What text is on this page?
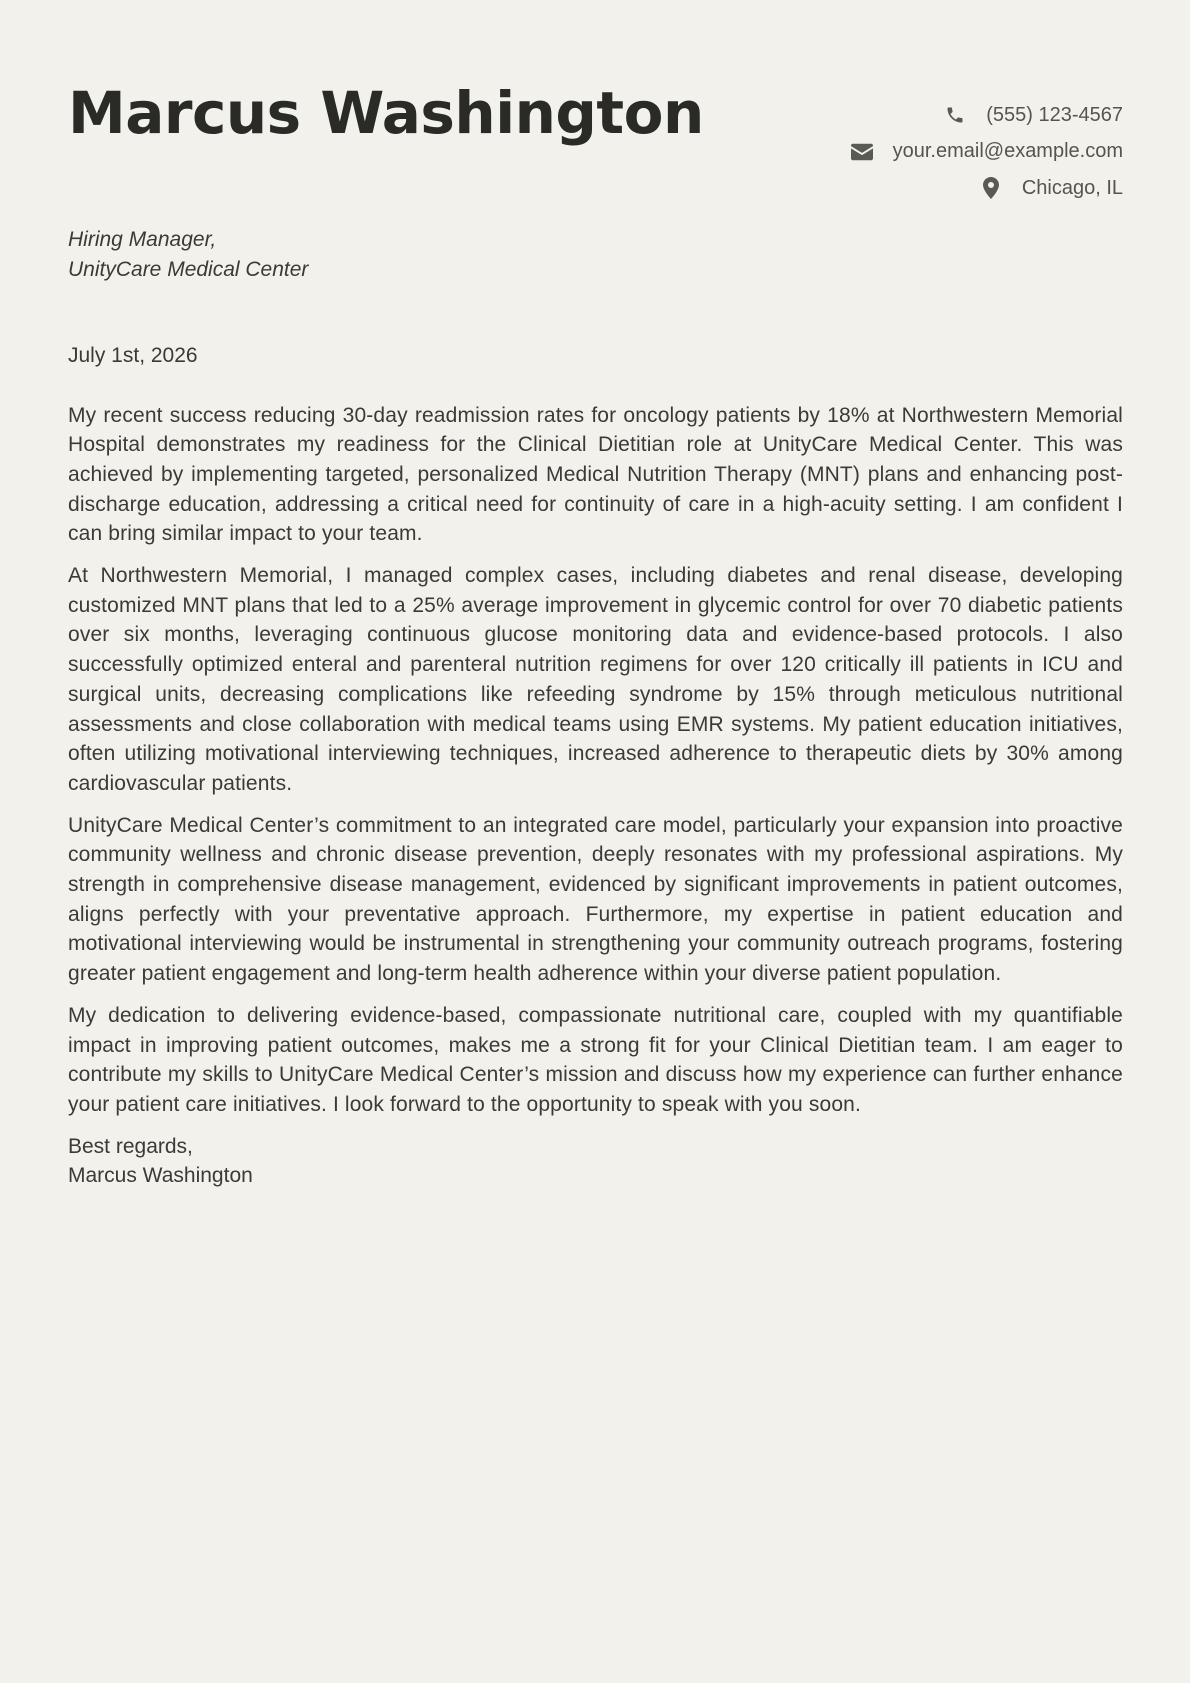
Marcus Washington	(555) 123-4567
your.email@example.com
Chicago, IL
Hiring Manager,
UnityCare Medical Center
July 1st, 2026

My recent success reducing 30-day readmission rates for oncology patients by 18% at Northwestern Memorial Hospital demonstrates my readiness for the Clinical Dietitian role at UnityCare Medical Center. This was achieved by implementing targeted, personalized Medical Nutrition Therapy (MNT) plans and enhancing post-discharge education, addressing a critical need for continuity of care in a high-acuity setting. I am confident I can bring similar impact to your team.

At Northwestern Memorial, I managed complex cases, including diabetes and renal disease, developing customized MNT plans that led to a 25% average improvement in glycemic control for over 70 diabetic patients over six months, leveraging continuous glucose monitoring data and evidence-based protocols. I also successfully optimized enteral and parenteral nutrition regimens for over 120 critically ill patients in ICU and surgical units, decreasing complications like refeeding syndrome by 15% through meticulous nutritional assessments and close collaboration with medical teams using EMR systems. My patient education initiatives, often utilizing motivational interviewing techniques, increased adherence to therapeutic diets by 30% among cardiovascular patients.

UnityCare Medical Center’s commitment to an integrated care model, particularly your expansion into proactive community wellness and chronic disease prevention, deeply resonates with my professional aspirations. My strength in comprehensive disease management, evidenced by significant improvements in patient outcomes, aligns perfectly with your preventative approach. Furthermore, my expertise in patient education and motivational interviewing would be instrumental in strengthening your community outreach programs, fostering greater patient engagement and long-term health adherence within your diverse patient population.

My dedication to delivering evidence-based, compassionate nutritional care, coupled with my quantifiable impact in improving patient outcomes, makes me a strong fit for your Clinical Dietitian team. I am eager to contribute my skills to UnityCare Medical Center’s mission and discuss how my experience can further enhance your patient care initiatives. I look forward to the opportunity to speak with you soon.

Best regards,
Marcus Washington
